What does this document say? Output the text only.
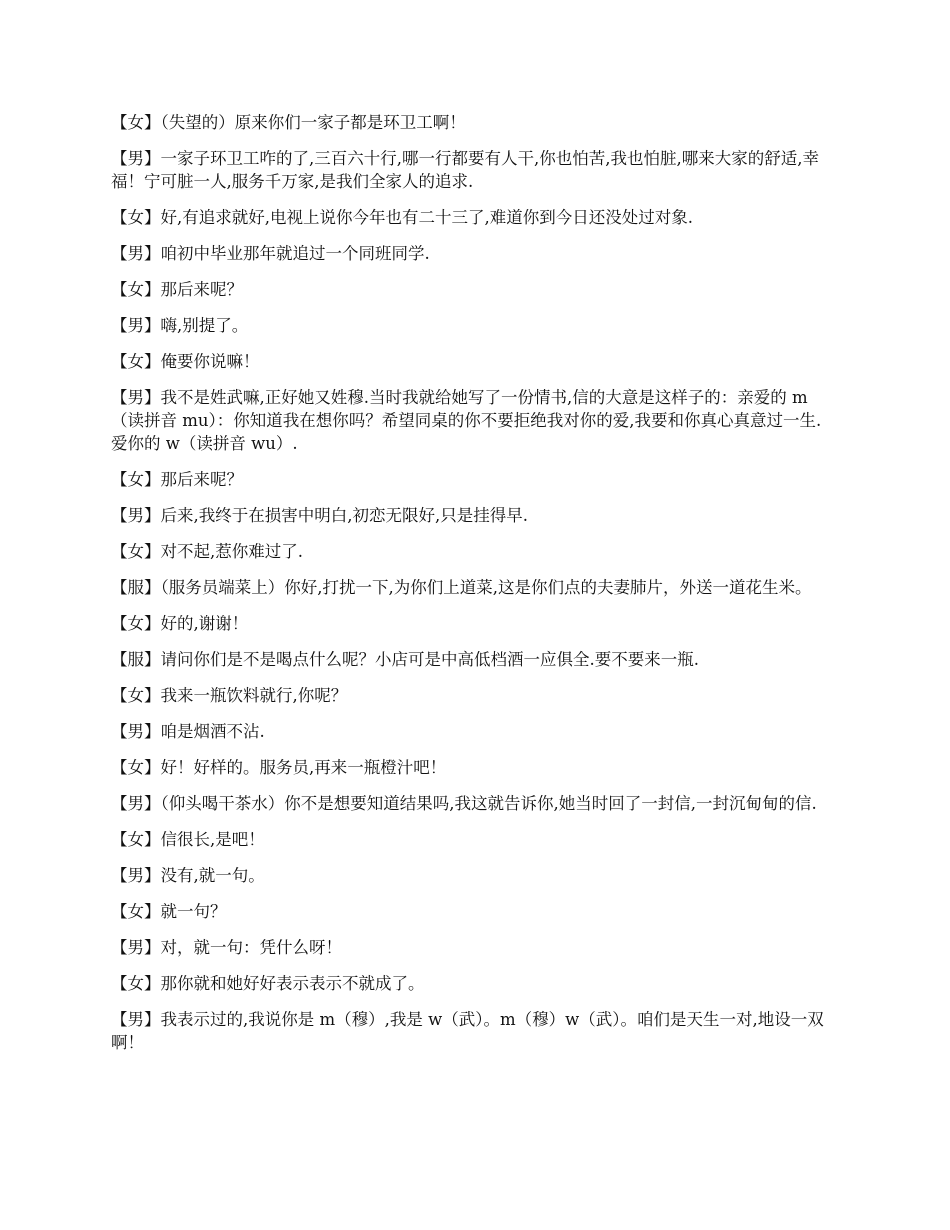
【女】（失望的）原来你们一家子都是环卫工啊！

【男】一家子环卫工咋的了,三百六十行,哪一行都要有人干,你也怕苦,我也怕脏,哪来大家的舒适,幸福！宁可脏一人,服务千万家,是我们全家人的追求.

【女】好,有追求就好,电视上说你今年也有二十三了,难道你到今日还没处过对象.

【男】咱初中毕业那年就追过一个同班同学.

【女】那后来呢？

【男】嗨,别提了。

【女】俺要你说嘛！

【男】我不是姓武嘛,正好她又姓穆.当时我就给她写了一份情书,信的大意是这样子的：亲爱的 m（读拼音 mu）：你知道我在想你吗？希望同桌的你不要拒绝我对你的爱,我要和你真心真意过一生.爱你的 w（读拼音 wu）.

【女】那后来呢？

【男】后来,我终于在损害中明白,初恋无限好,只是挂得早.

【女】对不起,惹你难过了.

【服】（服务员端菜上）你好,打扰一下,为你们上道菜,这是你们点的夫妻肺片，外送一道花生米。

【女】好的,谢谢！

【服】请问你们是不是喝点什么呢？小店可是中高低档酒一应俱全.要不要来一瓶.

【女】我来一瓶饮料就行,你呢？

【男】咱是烟酒不沾.

【女】好！好样的。服务员,再来一瓶橙汁吧！

【男】（仰头喝干茶水）你不是想要知道结果吗,我这就告诉你,她当时回了一封信,一封沉甸甸的信.

【女】信很长,是吧！

【男】没有,就一句。

【女】就一句？

【男】对，就一句：凭什么呀！

【女】那你就和她好好表示表示不就成了。

【男】我表示过的,我说你是 m（穆）,我是 w（武）。m（穆）w（武）。咱们是天生一对,地设一双啊！
